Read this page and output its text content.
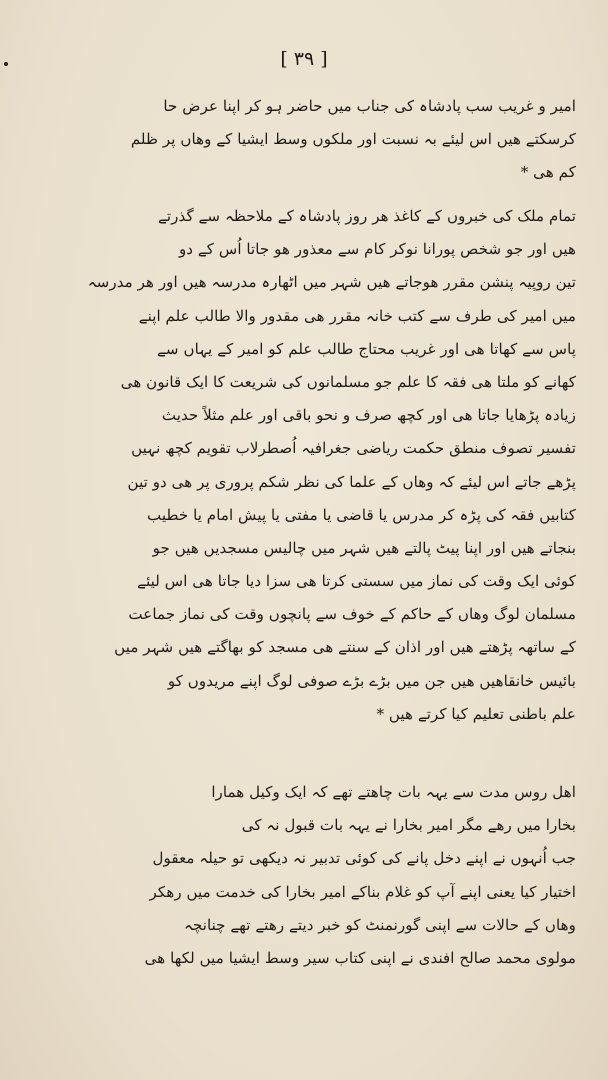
[ ٣٩ ]
امیر و غریب سب پادشاہ کی جناب میں حاضر ہو کر اپنا عرض حا
کرسکتے ھیں اس لیئے بہ نسبت اور ملکوں وسط ایشیا کے وھاں پر ظلم
کم ھی *
تمام ملک کی خبروں کے کاغذ ھر روز پادشاہ کے ملاحظہ سے گذرتے
ھیں اور جو شخص پورانا نوکر کام سے معذور ھو جاتا اُس کے دو
تین روپیہ پنشن مقرر ھوجاتے ھیں شہر میں اٹھارہ مدرسہ ھیں اور ھر مدرسہ
میں امیر کی طرف سے کتب خانہ مقرر ھی مقدور والا طالب علم اپنے
پاس سے کھاتا ھی اور غریب محتاج طالب علم کو امیر کے یہاں سے
کھانے کو ملتا ھی فقہ کا علم جو مسلمانوں کی شریعت کا ایک قانون ھی
زیادہ پڑھایا جاتا ھی اور کچھ صرف و نحو باقی اور علم مثلاً حدیث
تفسیر تصوف منطق حکمت ریاضی جغرافیہ اُصطرلاب تقویم کچھ نہیں
پڑھے جاتے اس لیئے کہ وھاں کے علما کی نظر شکم پروری پر ھی دو تین
کتابیں فقہ کی پڑہ کر مدرس یا قاضی یا مفتی یا پیش امام یا خطیب
بنجاتے ھیں اور اپنا پیٹ پالتے ھیں شہر میں چالیس مسجدیں ھیں جو
کوئی ایک وقت کی نماز میں سستی کرتا ھی سزا دیا جاتا ھی اس لیئے
مسلمان لوگ وھاں کے حاکم کے خوف سے پانچوں وقت کی نماز جماعت
کے ساتھہ پڑھتے ھیں اور اذان کے سنتے ھی مسجد کو بھاگتے ھیں شہر میں
بائیس خانقاھیں ھیں جن میں بڑے بڑے صوفی لوگ اپنے مریدوں کو
علم باطنی تعلیم کیا کرتے ھیں *
اھل روس مدت سے یہہ بات چاھتے تھے کہ ایک وکیل ھمارا
بخارا میں رھے مگر امیر بخارا نے یہہ بات قبول نہ کی
جب اُنہوں نے اپنے دخل پانے کی کوئی تدبیر نہ دیکھی تو حیلہ معقول
اختیار کیا یعنی اپنے آپ کو غلام بناکے امیر بخارا کی خدمت میں رھکر
وھاں کے حالات سے اپنی گورنمنٹ کو خبر دیتے رھتے تھے چنانچہ
مولوی محمد صالح افندی نے اپنی کتاب سیر وسط ایشیا میں لکھا ھی
